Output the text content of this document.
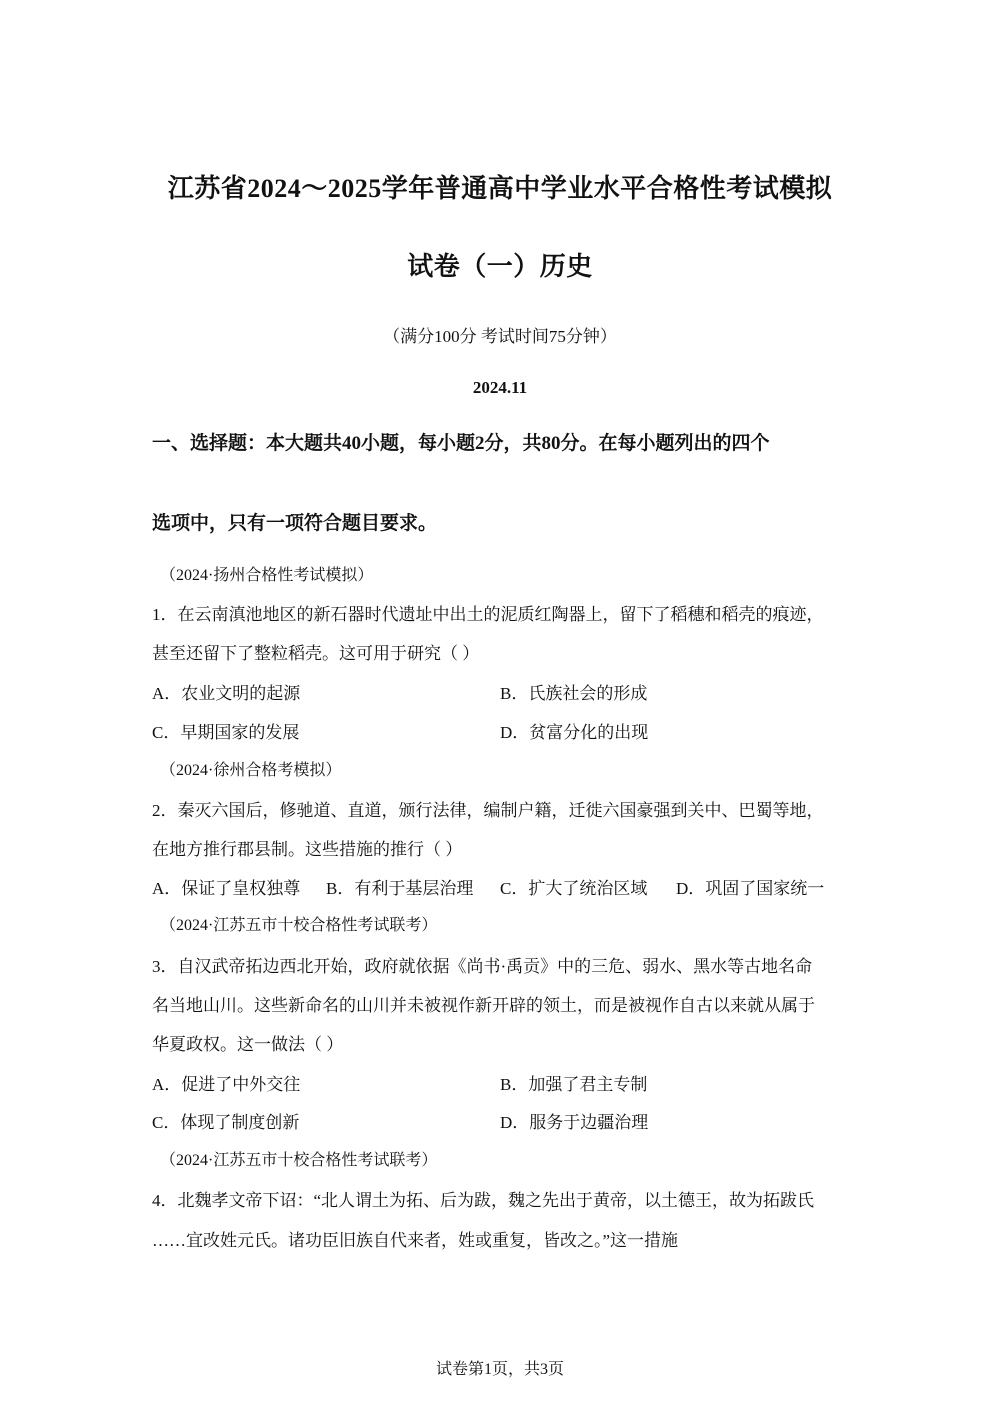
江苏省2024～2025学年普通高中学业水平合格性考试模拟
试卷（一）历史
（满分100分 考试时间75分钟）
2024.11
一、选择题：本大题共40小题，每小题2分，共80分。在每小题列出的四个
选项中，只有一项符合题目要求。
（2024·扬州合格性考试模拟）
1．在云南滇池地区的新石器时代遗址中出土的泥质红陶器上，留下了稻穗和稻壳的痕迹，
甚至还留下了整粒稻壳。这可用于研究（ ）
A．农业文明的起源	B．氏族社会的形成
C．早期国家的发展	D．贫富分化的出现
（2024·徐州合格考模拟）
2．秦灭六国后，修驰道、直道，颁行法律，编制户籍，迁徙六国豪强到关中、巴蜀等地，
在地方推行郡县制。这些措施的推行（ ）
A．保证了皇权独尊 B．有利于基层治理 C．扩大了统治区域 D．巩固了国家统一
（2024·江苏五市十校合格性考试联考）
3．自汉武帝拓边西北开始，政府就依据《尚书·禹贡》中的三危、弱水、黑水等古地名命
名当地山川。这些新命名的山川并未被视作新开辟的领土，而是被视作自古以来就从属于
华夏政权。这一做法（ ）
A．促进了中外交往	B．加强了君主专制
C．体现了制度创新	D．服务于边疆治理
（2024·江苏五市十校合格性考试联考）
4．北魏孝文帝下诏：“北人谓土为拓、后为跋，魏之先出于黄帝，以土德王，故为拓跋氏
……宜改姓元氏。诸功臣旧族自代来者，姓或重复，皆改之。”这一措施
试卷第1页，共3页
